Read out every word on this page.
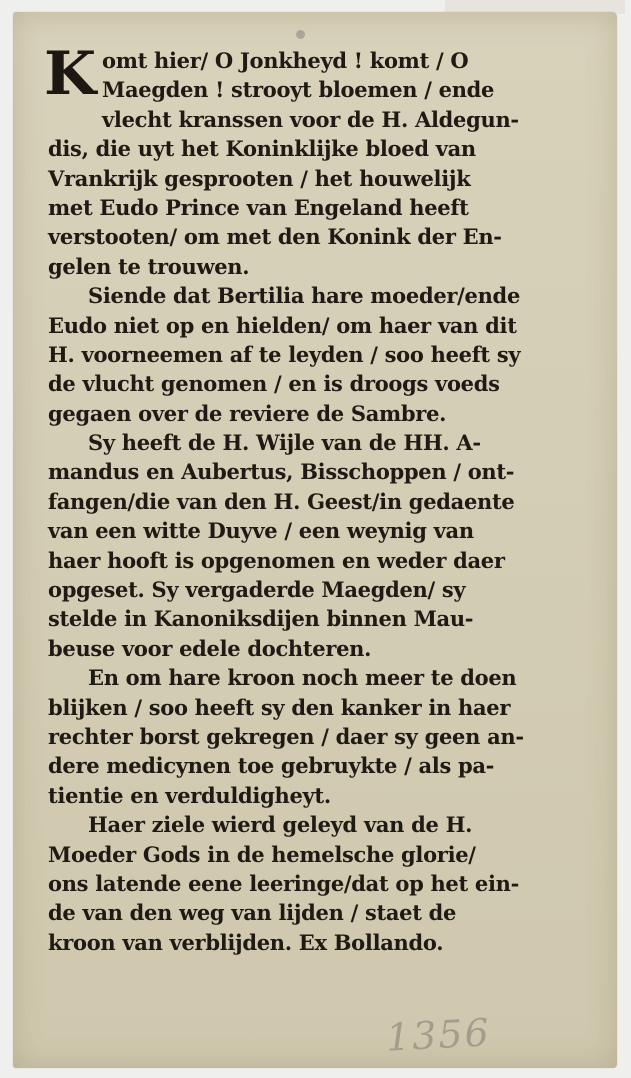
K omt hier/ O Jonkheyd ! komt / O
Maegden ! strooyt bloemen / ende
vlecht kranssen voor de H. Aldegun-
dis, die uyt het Koninklijke bloed van
Vrankrijk gesprooten / het houwelijk
met Eudo Prince van Engeland heeft
verstooten/ om met den Konink der En-
gelen te trouwen.
Siende dat Bertilia hare moeder/ende
Eudo niet op en hielden/ om haer van dit
H. voorneemen af te leyden / soo heeft sy
de vlucht genomen / en is droogs voeds
gegaen over de reviere de Sambre.
Sy heeft de H. Wijle van de HH. A-
mandus en Aubertus, Bisschoppen / ont-
fangen/die van den H. Geest/in gedaente
van een witte Duyve / een weynig van
haer hooft is opgenomen en weder daer
opgeset. Sy vergaderde Maegden/ sy
stelde in Kanoniksdijen binnen Mau-
beuse voor edele dochteren.
En om hare kroon noch meer te doen
blijken / soo heeft sy den kanker in haer
rechter borst gekregen / daer sy geen an-
dere medicynen toe gebruykte / als pa-
tientie en verduldigheyt.
Haer ziele wierd geleyd van de H.
Moeder Gods in de hemelsche glorie/
ons latende eene leeringe/dat op het ein-
de van den weg van lijden / staet de
kroon van verblijden. Ex Bollando.
1356
